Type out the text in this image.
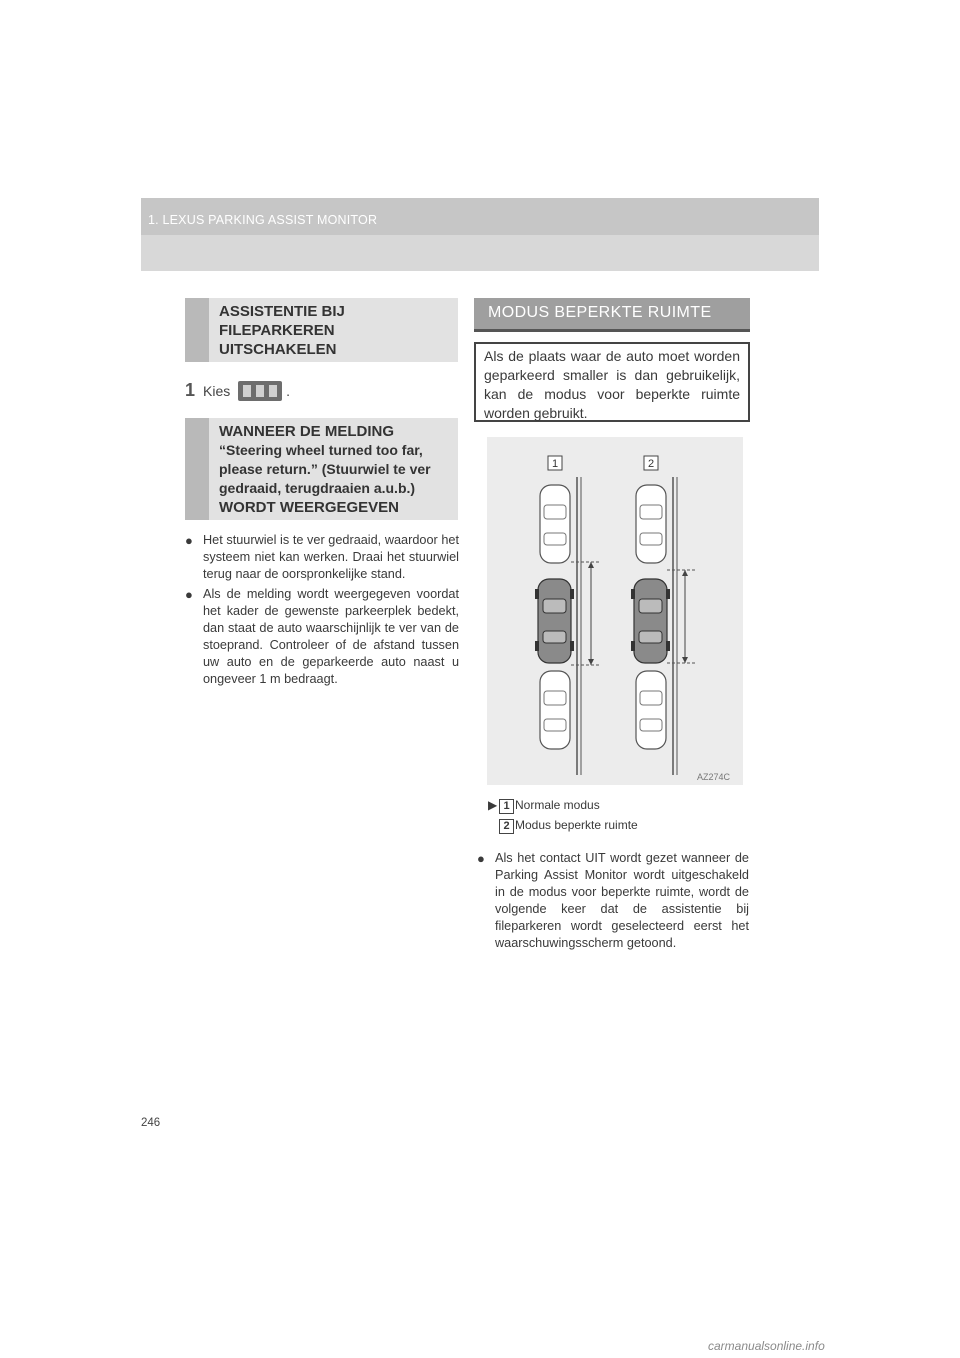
1. LEXUS PARKING ASSIST MONITOR
ASSISTENTIE BIJ
FILEPARKEREN
UITSCHAKELEN
1 Kies	.
WANNEER DE MELDING
“Steering wheel turned too far,
please return.” (Stuurwiel te ver
gedraaid, terugdraaien a.u.b.)
WORDT WEERGEGEVEN
● Het stuurwiel is te ver gedraaid, waardoor het systeem niet kan werken. Draai het stuurwiel terug naar de oorspronkelijke stand.
● Als de melding wordt weergegeven voordat het kader de gewenste parkeerplek bedekt, dan staat de auto waarschijnlijk te ver van de stoeprand. Controleer of de afstand tussen uw auto en de geparkeerde auto naast u ongeveer 1 m bedraagt.
MODUS BEPERKTE RUIMTE
Als de plaats waar de auto moet worden geparkeerd smaller is dan gebruikelijk, kan de modus voor beperkte ruimte worden gebruikt.
1	2
AZ274C
▶ 1 Normale modus
2 Modus beperkte ruimte
● Als het contact UIT wordt gezet wanneer de Parking Assist Monitor wordt uitgeschakeld in de modus voor beperkte ruimte, wordt de volgende keer dat de assistentie bij fileparkeren wordt geselecteerd eerst het waarschuwingsscherm getoond.
246
carmanualsonline.info
